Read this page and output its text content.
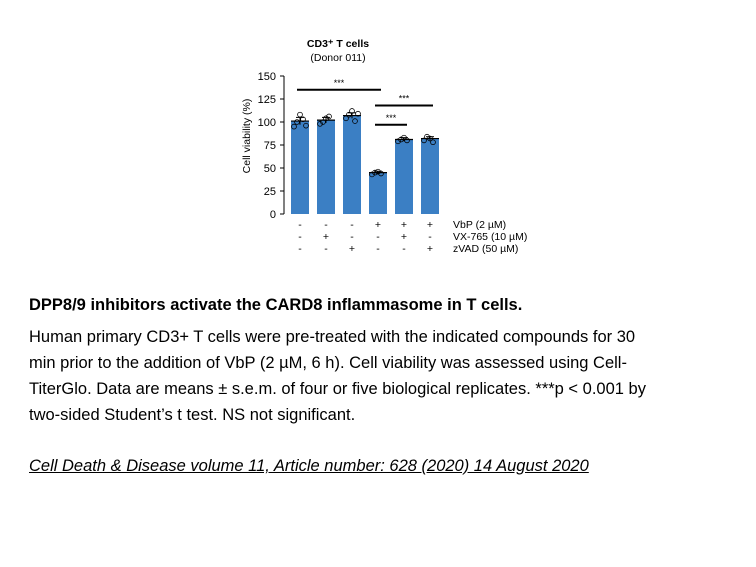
CD3⁺ T cells
(Donor 011)
Cell viability (%)
0
25
50
75
100
125
150	***
***
***
- - - + + + VbP (2 µM)
- + - - + - VX-765 (10 µM)
- - + - - + zVAD (50 µM)
DPP8/9 inhibitors activate the CARD8 inflammasome in T cells.
Human primary CD3+ T cells were pre-treated with the indicated compounds for 30
min prior to the addition of VbP (2 µM, 6 h). Cell viability was assessed using Cell-
TiterGlo. Data are means ± s.e.m. of four or five biological replicates. ***p < 0.001 by
two-sided Student’s t test. NS not significant.
Cell Death & Disease volume 11, Article number: 628 (2020) 14 August 2020
